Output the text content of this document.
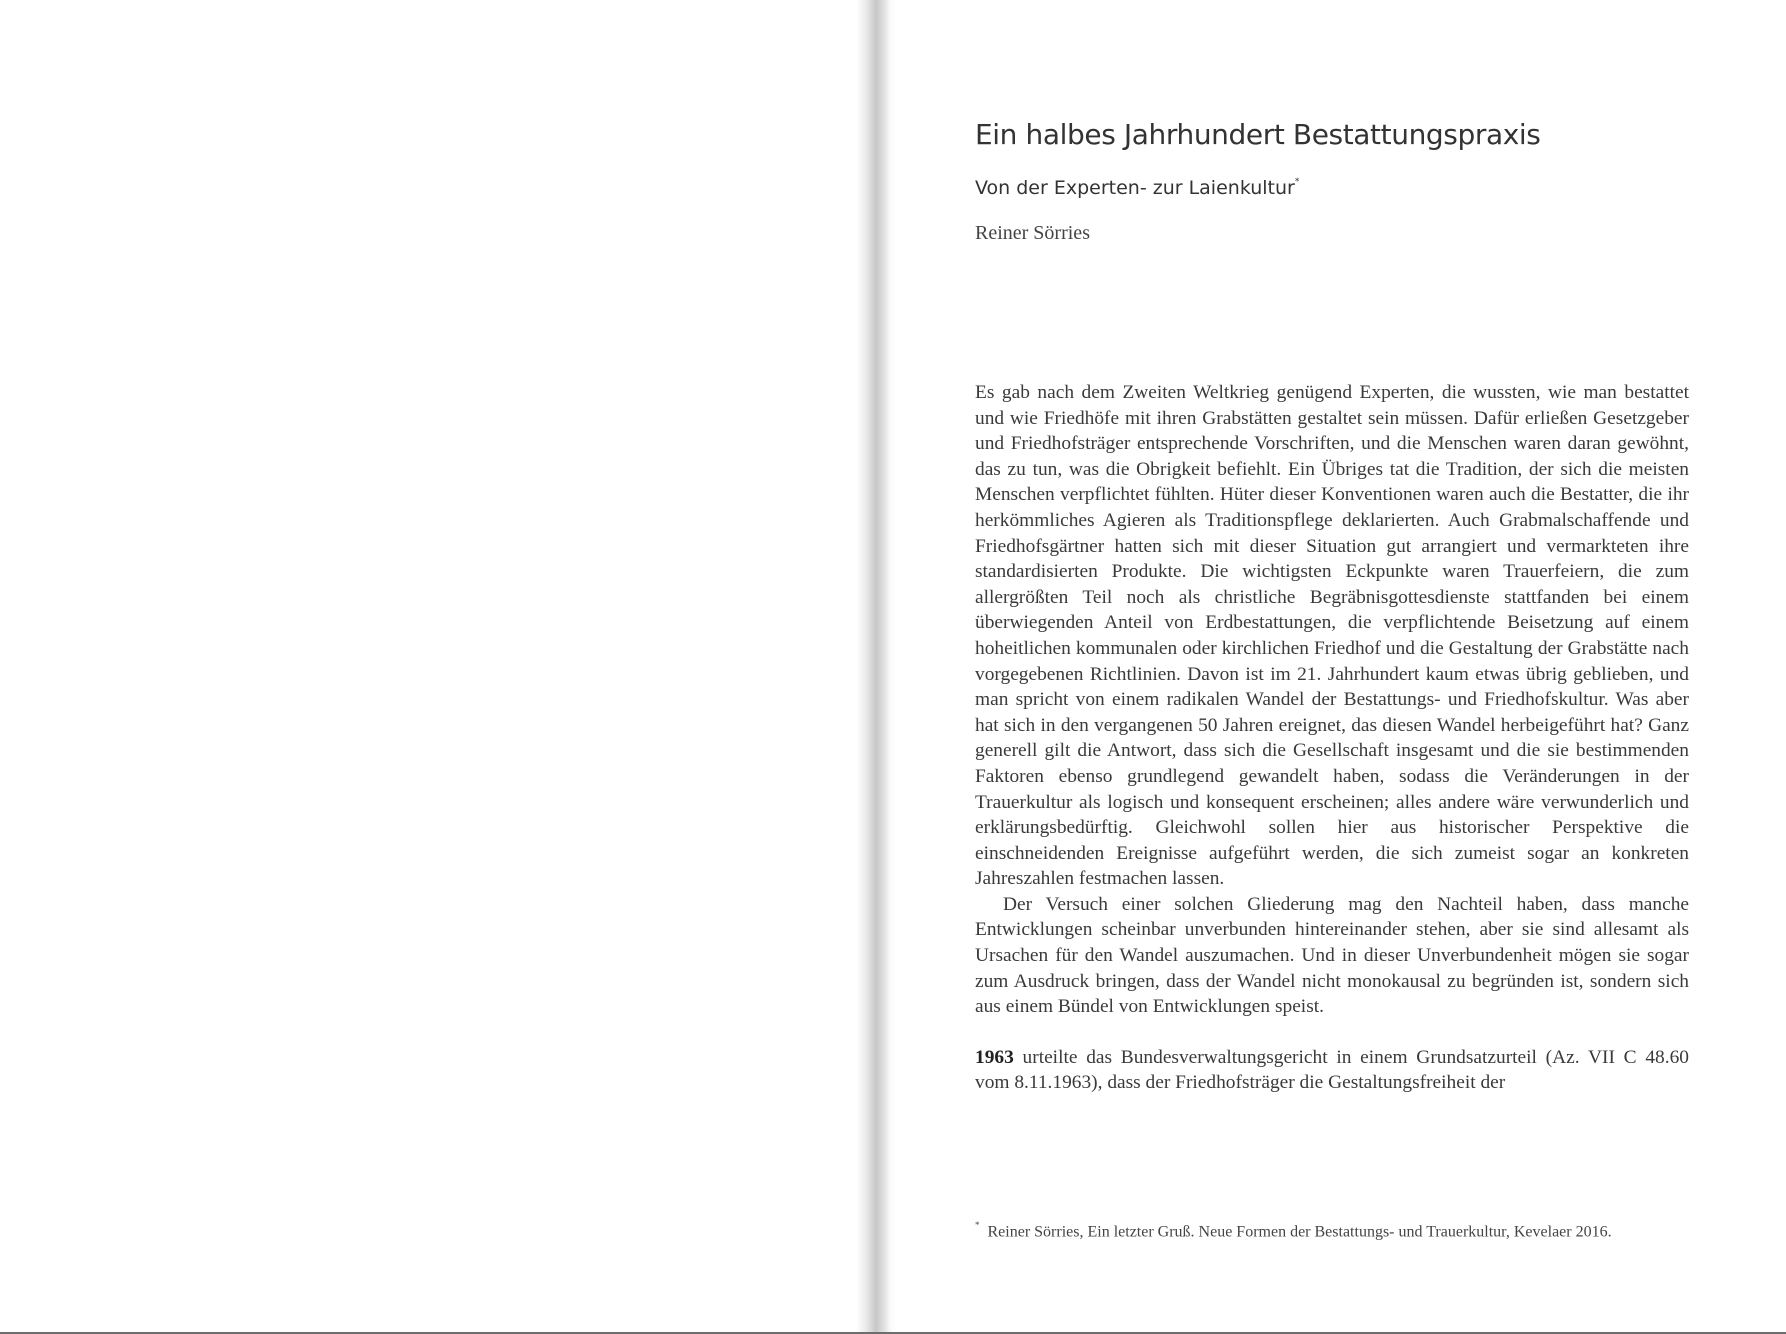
Ein halbes Jahrhundert Bestattungspraxis
Von der Experten- zur Laienkultur*
Reiner Sörries

Es gab nach dem Zweiten Weltkrieg genügend Experten, die wussten, wie man bestattet und wie Friedhöfe mit ihren Grabstätten gestaltet sein müssen. Dafür erließen Gesetzgeber und Friedhofsträger entsprechende Vorschriften, und die Menschen waren daran gewöhnt, das zu tun, was die Obrigkeit befiehlt. Ein Übriges tat die Tradition, der sich die meisten Menschen verpflichtet fühlten. Hüter dieser Konventionen waren auch die Bestatter, die ihr herkömmliches Agieren als Traditionspflege deklarierten. Auch Grabmalschaffende und Friedhofsgärtner hatten sich mit dieser Situation gut arrangiert und vermarkteten ihre standardisierten Produkte. Die wichtigsten Eckpunkte waren Trauerfeiern, die zum allergrößten Teil noch als christliche Begräbnisgottesdienste stattfanden bei einem überwiegenden Anteil von Erdbestattungen, die verpflichtende Beisetzung auf einem hoheitlichen kommunalen oder kirchlichen Friedhof und die Gestaltung der Grabstätte nach vorgegebenen Richtlinien. Davon ist im 21. Jahrhundert kaum etwas übrig geblieben, und man spricht von einem radikalen Wandel der Bestattungs- und Friedhofskultur. Was aber hat sich in den vergangenen 50 Jahren ereignet, das diesen Wandel herbeigeführt hat? Ganz generell gilt die Antwort, dass sich die Gesellschaft insgesamt und die sie bestimmenden Faktoren ebenso grundlegend gewandelt haben, sodass die Veränderungen in der Trauerkultur als logisch und konsequent erscheinen; alles andere wäre verwunderlich und erklärungsbedürftig. Gleichwohl sollen hier aus historischer Perspektive die einschneidenden Ereignisse aufgeführt werden, die sich zumeist sogar an konkreten Jahreszahlen festmachen lassen.

Der Versuch einer solchen Gliederung mag den Nachteil haben, dass manche Entwicklungen scheinbar unverbunden hintereinander stehen, aber sie sind allesamt als Ursachen für den Wandel auszumachen. Und in dieser Unverbundenheit mögen sie sogar zum Ausdruck bringen, dass der Wandel nicht monokausal zu begründen ist, sondern sich aus einem Bündel von Entwicklungen speist.

1963 urteilte das Bundesverwaltungsgericht in einem Grundsatzurteil (Az. VII C 48.60 vom 8.11.1963), dass der Friedhofsträger die Gestaltungsfreiheit der

* Reiner Sörries, Ein letzter Gruß. Neue Formen der Bestattungs- und Trauerkultur, Kevelaer 2016.
